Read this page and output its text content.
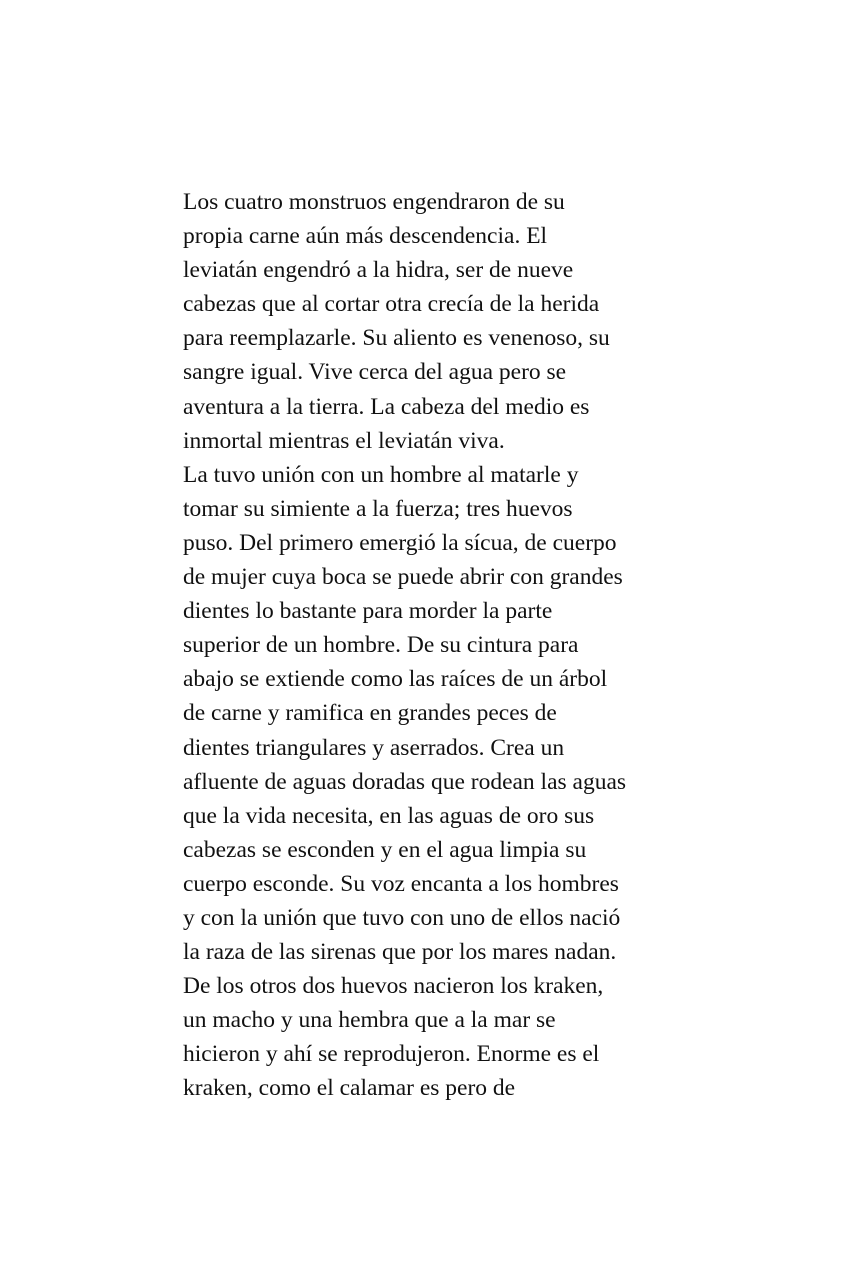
Los cuatro monstruos engendraron de su
propia carne aún más descendencia. El
leviatán engendró a la hidra, ser de nueve
cabezas que al cortar otra crecía de la herida
para reemplazarle. Su aliento es venenoso, su
sangre igual. Vive cerca del agua pero se
aventura a la tierra. La cabeza del medio es
inmortal mientras el leviatán viva.
La tuvo unión con un hombre al matarle y
tomar su simiente a la fuerza; tres huevos
puso. Del primero emergió la sícua, de cuerpo
de mujer cuya boca se puede abrir con grandes
dientes lo bastante para morder la parte
superior de un hombre. De su cintura para
abajo se extiende como las raíces de un árbol
de carne y ramifica en grandes peces de
dientes triangulares y aserrados. Crea un
afluente de aguas doradas que rodean las aguas
que la vida necesita, en las aguas de oro sus
cabezas se esconden y en el agua limpia su
cuerpo esconde. Su voz encanta a los hombres
y con la unión que tuvo con uno de ellos nació
la raza de las sirenas que por los mares nadan.
De los otros dos huevos nacieron los kraken,
un macho y una hembra que a la mar se
hicieron y ahí se reprodujeron. Enorme es el
kraken, como el calamar es pero de
